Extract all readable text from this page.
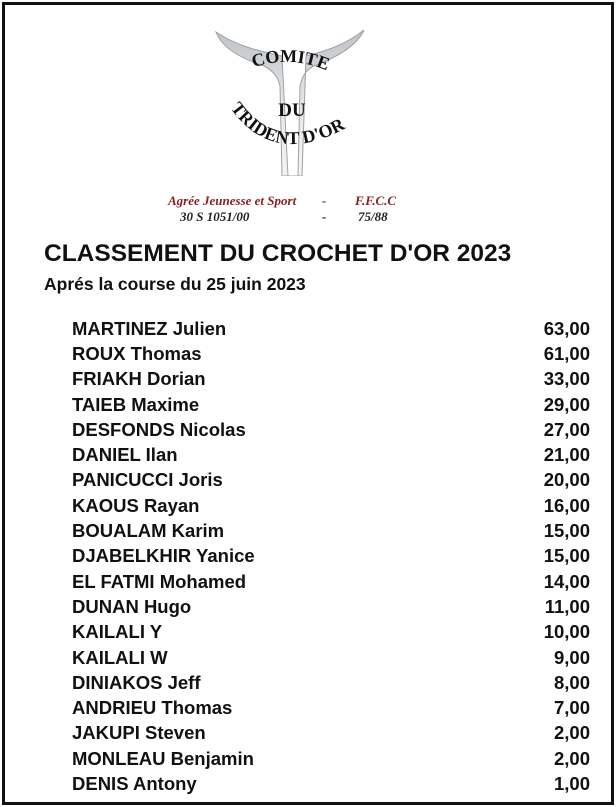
COMITE
DU
TRIDENT D'OR
Agrée Jeunesse et Sport - F.F.C.C
30 S 1051/00	- 75/88
CLASSEMENT DU CROCHET D'OR 2023
Aprés la course du 25 juin 2023
MARTINEZ Julien	63,00
ROUX Thomas	61,00
FRIAKH Dorian	33,00
TAIEB Maxime	29,00
DESFONDS Nicolas	27,00
DANIEL Ilan	21,00
PANICUCCI Joris	20,00
KAOUS Rayan	16,00
BOUALAM Karim	15,00
DJABELKHIR Yanice	15,00
EL FATMI Mohamed	14,00
DUNAN Hugo	11,00
KAILALI Y	10,00
KAILALI W	9,00
DINIAKOS Jeff	8,00
ANDRIEU Thomas	7,00
JAKUPI Steven	2,00
MONLEAU Benjamin	2,00
DENIS Antony	1,00
